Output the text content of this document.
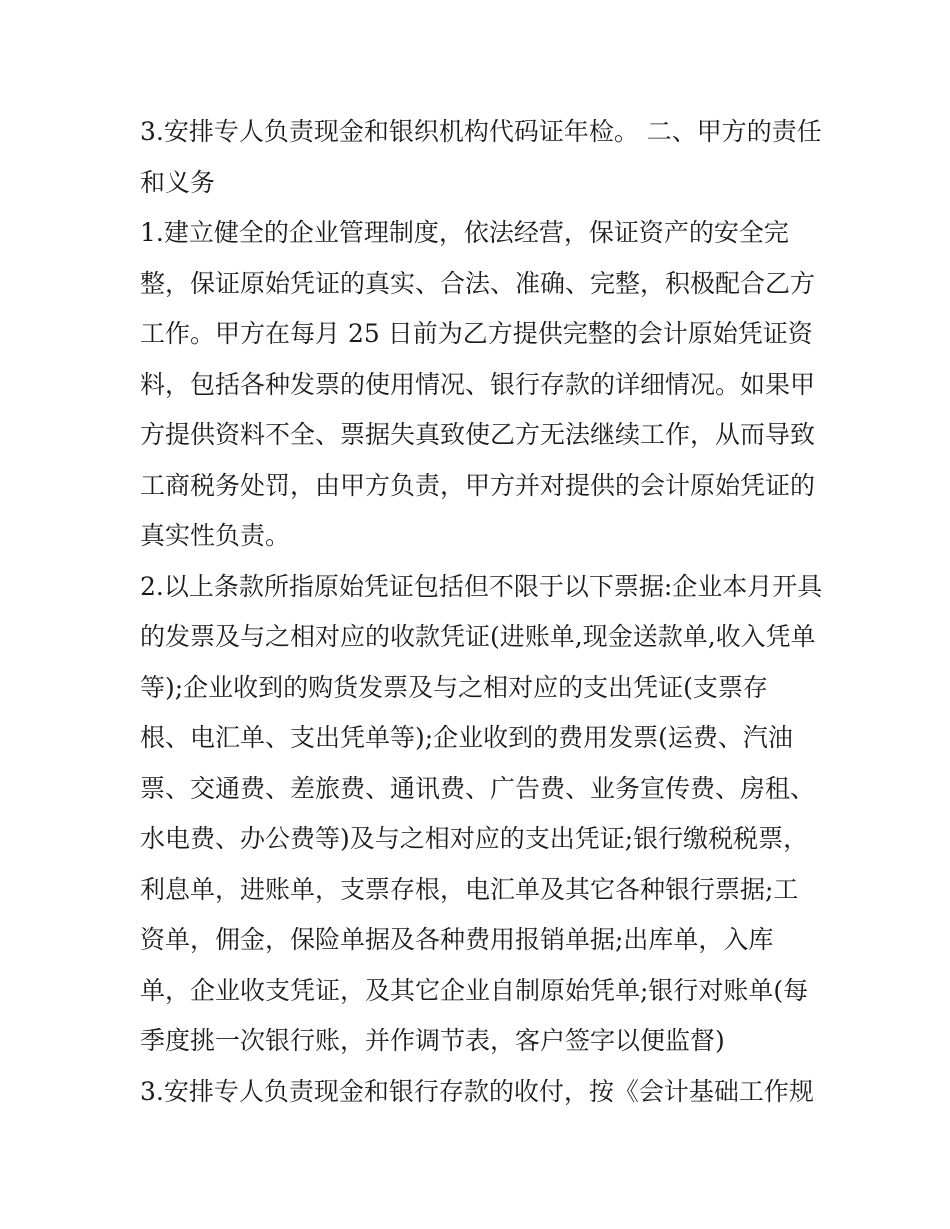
3.安排专人负责现金和银织机构代码证年检。 二、甲方的责任
和义务
1.建立健全的企业管理制度，依法经营，保证资产的安全完
整，保证原始凭证的真实、合法、准确、完整，积极配合乙方
工作。甲方在每月 25 日前为乙方提供完整的会计原始凭证资
料，包括各种发票的使用情况、银行存款的详细情况。如果甲
方提供资料不全、票据失真致使乙方无法继续工作，从而导致
工商税务处罚，由甲方负责，甲方并对提供的会计原始凭证的
真实性负责。
2.以上条款所指原始凭证包括但不限于以下票据:企业本月开具
的发票及与之相对应的收款凭证(进账单,现金送款单,收入凭单
等);企业收到的购货发票及与之相对应的支出凭证(支票存
根、电汇单、支出凭单等);企业收到的费用发票(运费、汽油
票、交通费、差旅费、通讯费、广告费、业务宣传费、房租、
水电费、办公费等)及与之相对应的支出凭证;银行缴税税票，
利息单，进账单，支票存根，电汇单及其它各种银行票据;工
资单，佣金，保险单据及各种费用报销单据;出库单，入库
单，企业收支凭证，及其它企业自制原始凭单;银行对账单(每
季度挑一次银行账，并作调节表，客户签字以便监督)
3.安排专人负责现金和银行存款的收付，按《会计基础工作规
